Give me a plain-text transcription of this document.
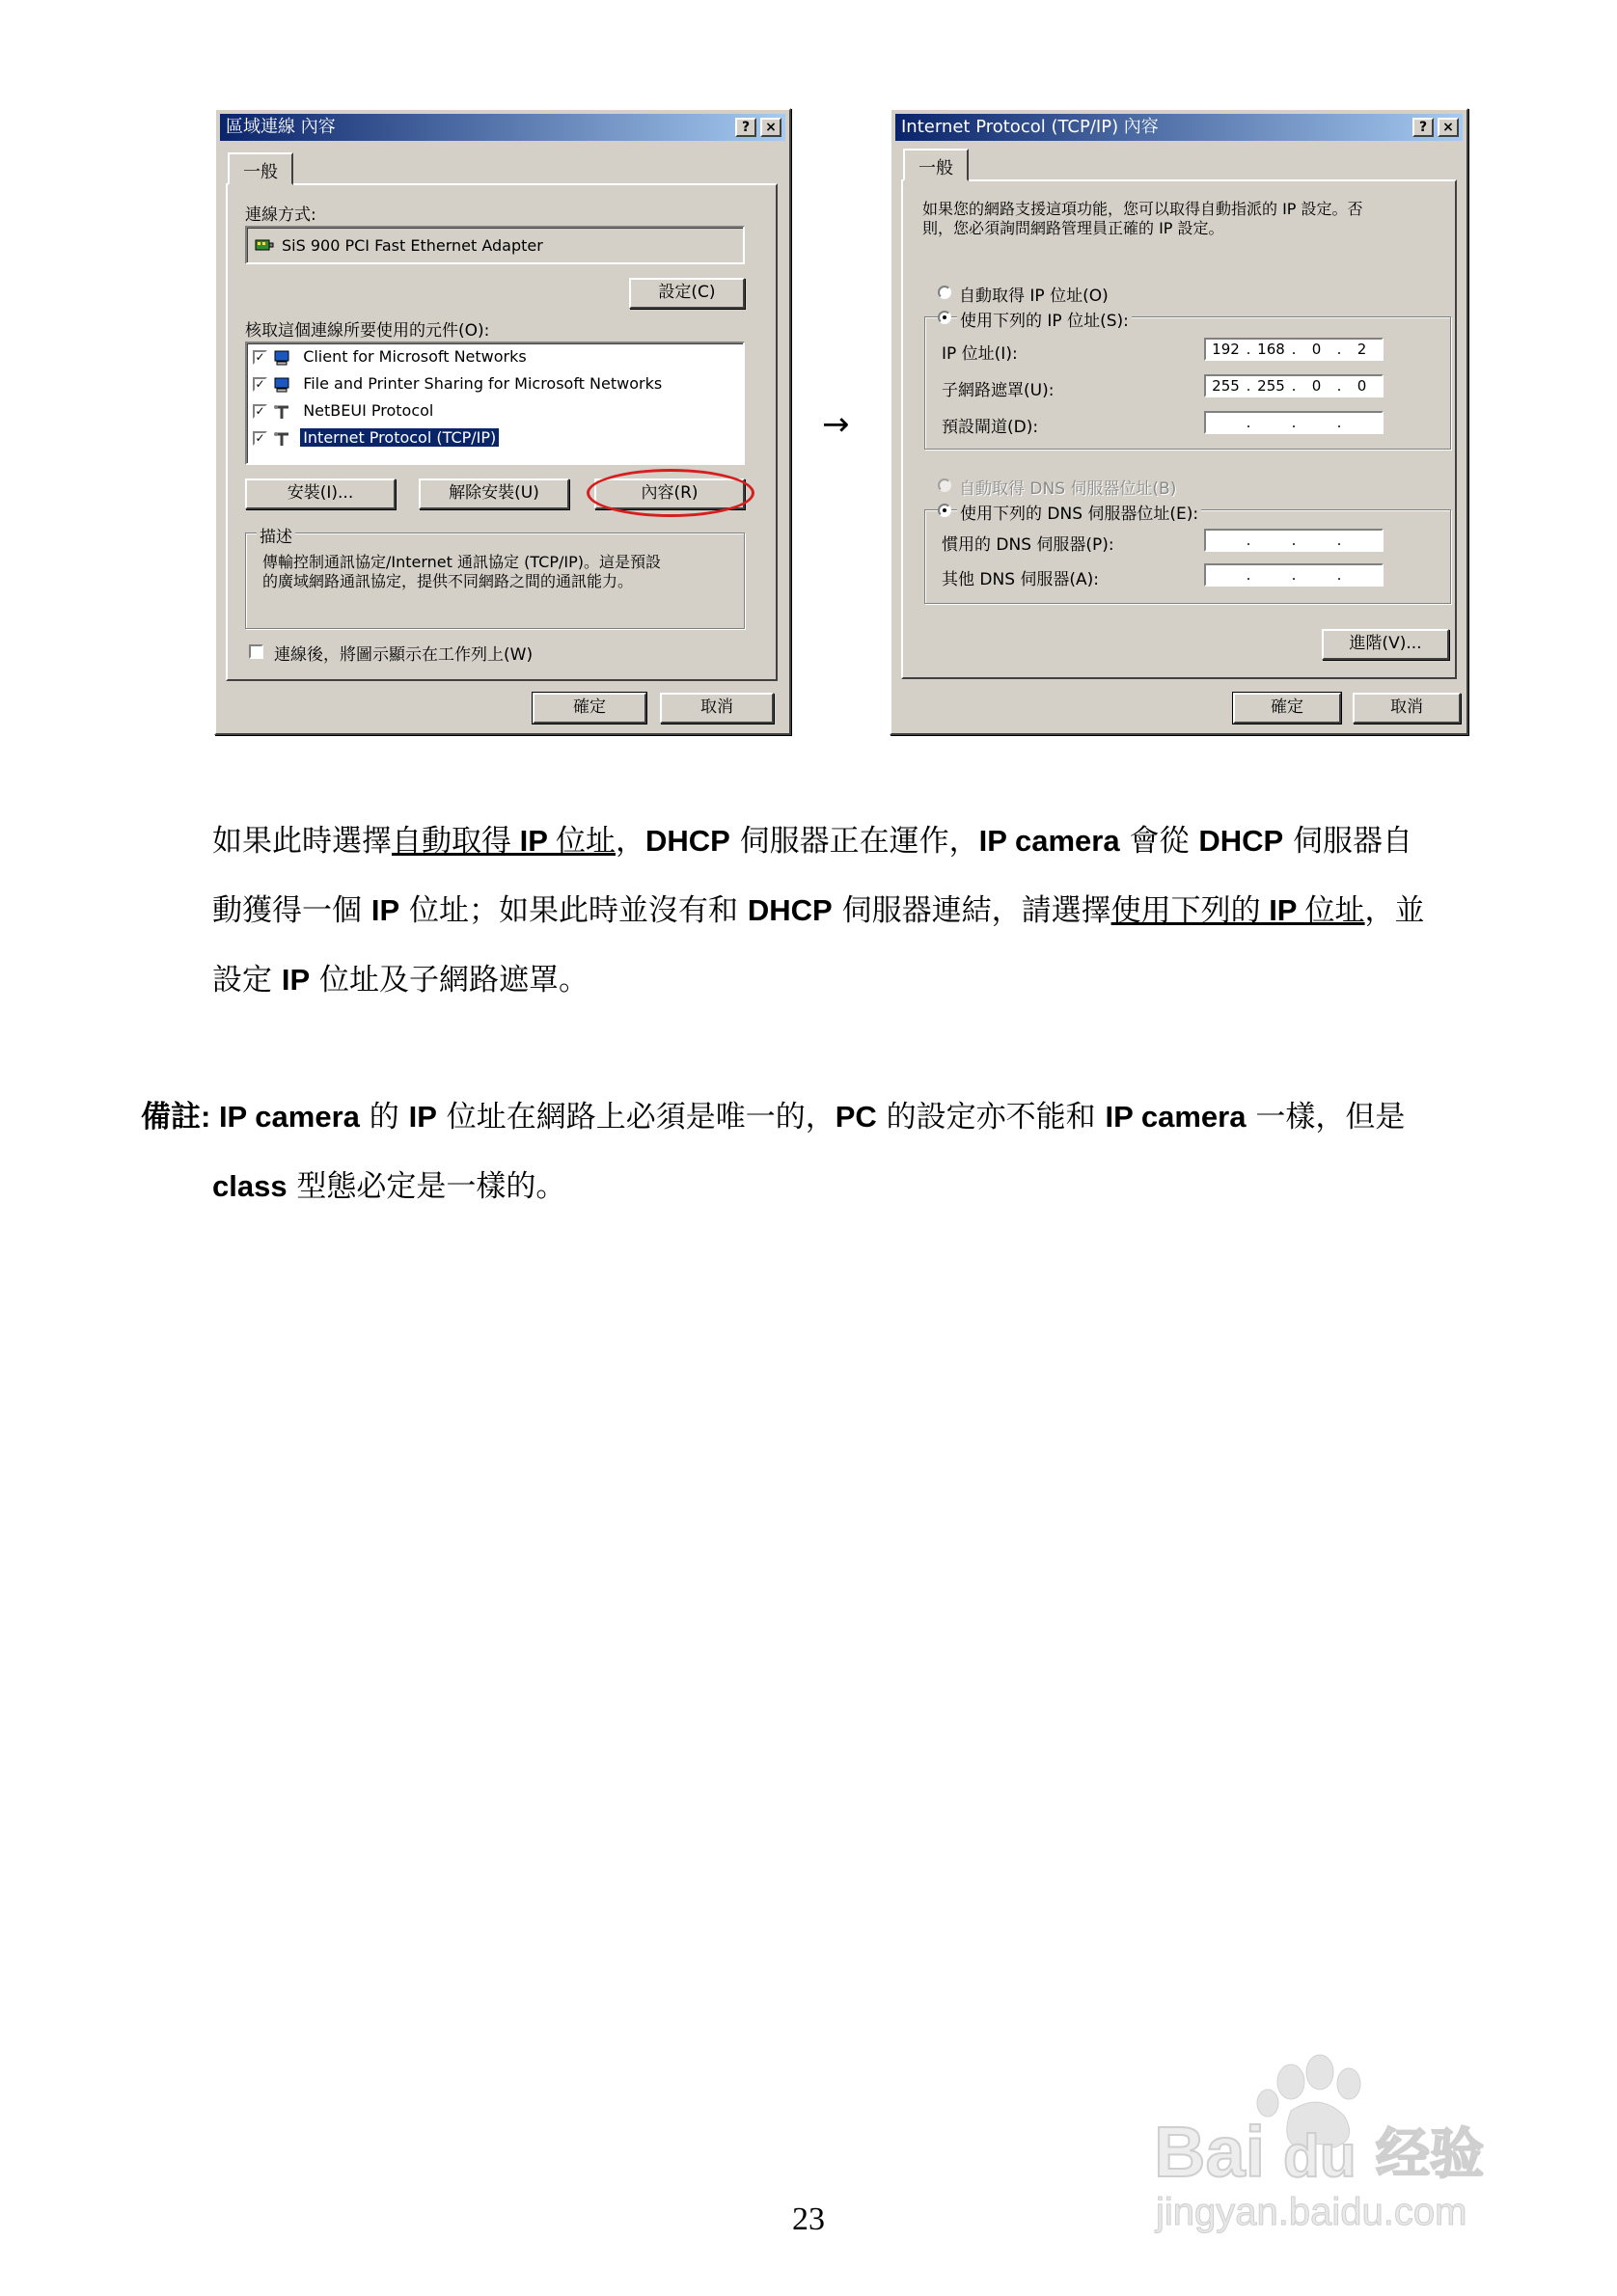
區域連線 內容	?	×
一般
連線方式:
SiS 900 PCI Fast Ethernet Adapter
設定(C)
核取這個連線所要使用的元件(O):
✓ Client for Microsoft Networks
✓ File and Printer Sharing for Microsoft Networks
✓ NetBEUI Protocol
✓ Internet Protocol (TCP/IP)
安裝(I)...	解除安裝(U)	內容(R)
描述
傳輸控制通訊協定/Internet 通訊協定 (TCP/IP)。這是預設
的廣域網路通訊協定，提供不同網路之間的通訊能力。
連線後，將圖示顯示在工作列上(W)
確定	取消
→
Internet Protocol (TCP/IP) 內容	?	×
一般
如果您的網路支援這項功能，您可以取得自動指派的 IP 設定。否
則，您必須詢問網路管理員正確的 IP 設定。
自動取得 IP 位址(O)
使用下列的 IP 位址(S):
IP 位址(I):	192 . 168 .	0	.	2
子網路遮罩(U):	255 . 255 .	0	.	0
預設閘道(D):	.	.	.
自動取得 DNS 伺服器位址(B)
使用下列的 DNS 伺服器位址(E):
慣用的 DNS 伺服器(P):	.	.	.
其他 DNS 伺服器(A):	.	.	.
進階(V)...
確定	取消
如果此時選擇自動取得 IP 位址，DHCP 伺服器正在運作，IP camera 會從 DHCP 伺服器自
動獲得一個 IP 位址；如果此時並沒有和 DHCP 伺服器連結，請選擇使用下列的 IP 位址，並
設定 IP 位址及子網路遮罩。
備註: IP camera 的 IP 位址在網路上必須是唯一的，PC 的設定亦不能和 IP camera 一樣，但是
class 型態必定是一樣的。
23
Bai du 经验
jingyan.baidu.com
